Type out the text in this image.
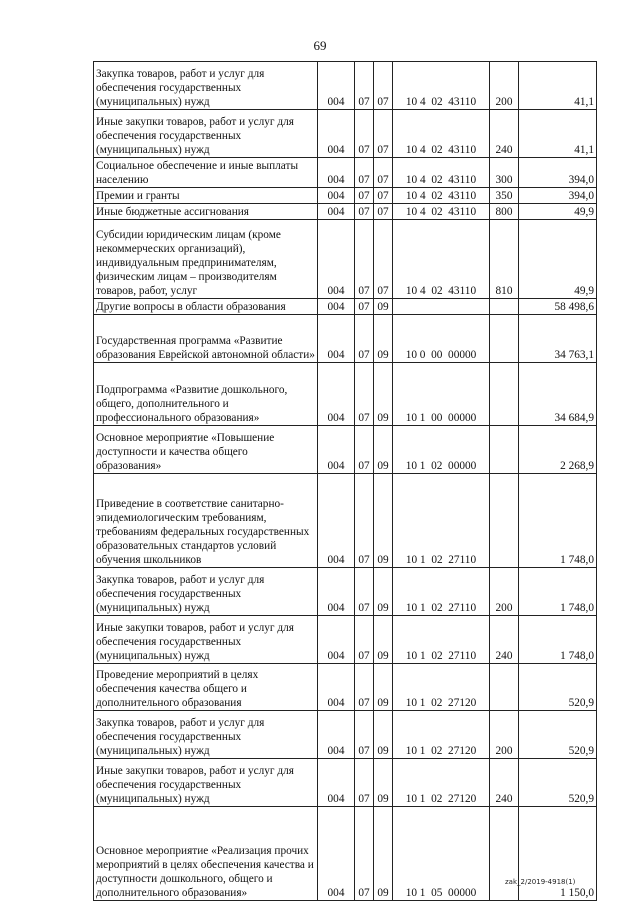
69
Закупка товаров, работ и услуг для обеспечения государственных (муниципальных) нужд	004	07	07	10 4  02  43110	200	41,1
Иные закупки товаров, работ и услуг для обеспечения государственных (муниципальных) нужд	004	07	07	10 4  02  43110	240	41,1
Социальное обеспечение и иные выплаты населению	004	07	07	10 4  02  43110	300	394,0
Премии и гранты	004	07	07	10 4  02  43110	350	394,0
Иные бюджетные ассигнования	004	07	07	10 4  02  43110	800	49,9
Субсидии юридическим лицам (кроме некоммерческих организаций), индивидуальным предпринимателям, физическим лицам – производителям товаров, работ, услуг	004	07	07	10 4  02  43110	810	49,9
Другие вопросы в области образования	004	07	09			58 498,6
Государственная программа «Развитие образования Еврейской автономной области»	004	07	09	10 0  00  00000		34 763,1
Подпрограмма «Развитие дошкольного, общего, дополнительного и профессионального образования»	004	07	09	10 1  00  00000		34 684,9
Основное мероприятие «Повышение доступности и качества общего образования»	004	07	09	10 1  02  00000		2 268,9
Приведение в соответствие санитарно-эпидемиологическим требованиям, требованиям федеральных государственных образовательных стандартов условий обучения школьников	004	07	09	10 1  02  27110		1 748,0
Закупка товаров, работ и услуг для обеспечения государственных (муниципальных) нужд	004	07	09	10 1  02  27110	200	1 748,0
Иные закупки товаров, работ и услуг для обеспечения государственных (муниципальных) нужд	004	07	09	10 1  02  27110	240	1 748,0
Проведение мероприятий в целях обеспечения качества общего и дополнительного образования	004	07	09	10 1  02  27120		520,9
Закупка товаров, работ и услуг для обеспечения государственных (муниципальных) нужд	004	07	09	10 1  02  27120	200	520,9
Иные закупки товаров, работ и услуг для обеспечения государственных (муниципальных) нужд	004	07	09	10 1  02  27120	240	520,9
Основное мероприятие «Реализация прочих мероприятий в целях обеспечения качества и доступности дошкольного, общего и дополнительного образования»	004	07	09	10 1  05  00000		1 150,0
zak_2/2019-4918(1)
